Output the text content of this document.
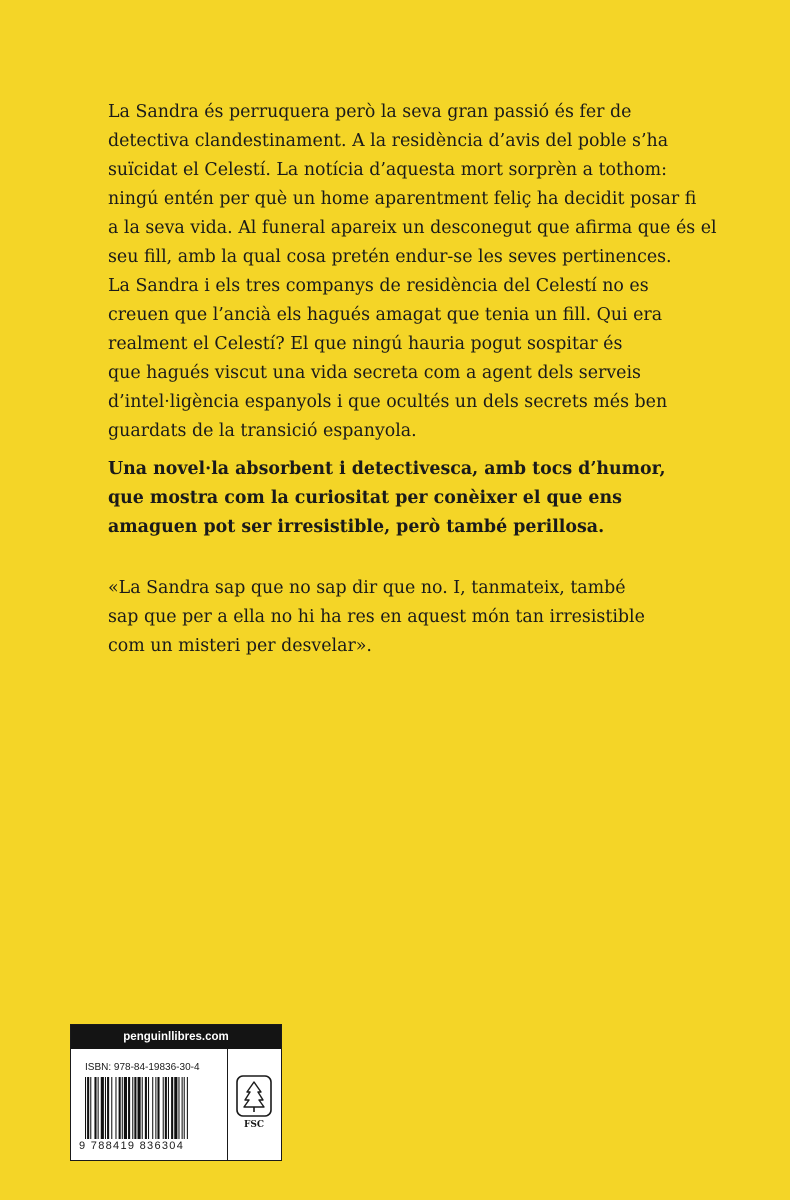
La Sandra és perruquera però la seva gran passió és fer de
detectiva clandestinament. A la residència d’avis del poble s’ha
suïcidat el Celestí. La notícia d’aquesta mort sorprèn a tothom:
ningú entén per què un home aparentment feliç ha decidit posar fi
a la seva vida. Al funeral apareix un desconegut que afirma que és el
seu fill, amb la qual cosa pretén endur-se les seves pertinences.
La Sandra i els tres companys de residència del Celestí no es
creuen que l’ancià els hagués amagat que tenia un fill. Qui era
realment el Celestí? El que ningú hauria pogut sospitar és
que hagués viscut una vida secreta com a agent dels serveis
d’intel·ligència espanyols i que ocultés un dels secrets més ben
guardats de la transició espanyola.
Una novel·la absorbent i detectivesca, amb tocs d’humor,
que mostra com la curiositat per conèixer el que ens
amaguen pot ser irresistible, però també perillosa.
«La Sandra sap que no sap dir que no. I, tanmateix, també
sap que per a ella no hi ha res en aquest món tan irresistible
com un misteri per desvelar».
penguinllibres.com
ISBN: 978-84-19836-30-4
9 788419 836304
FSC
